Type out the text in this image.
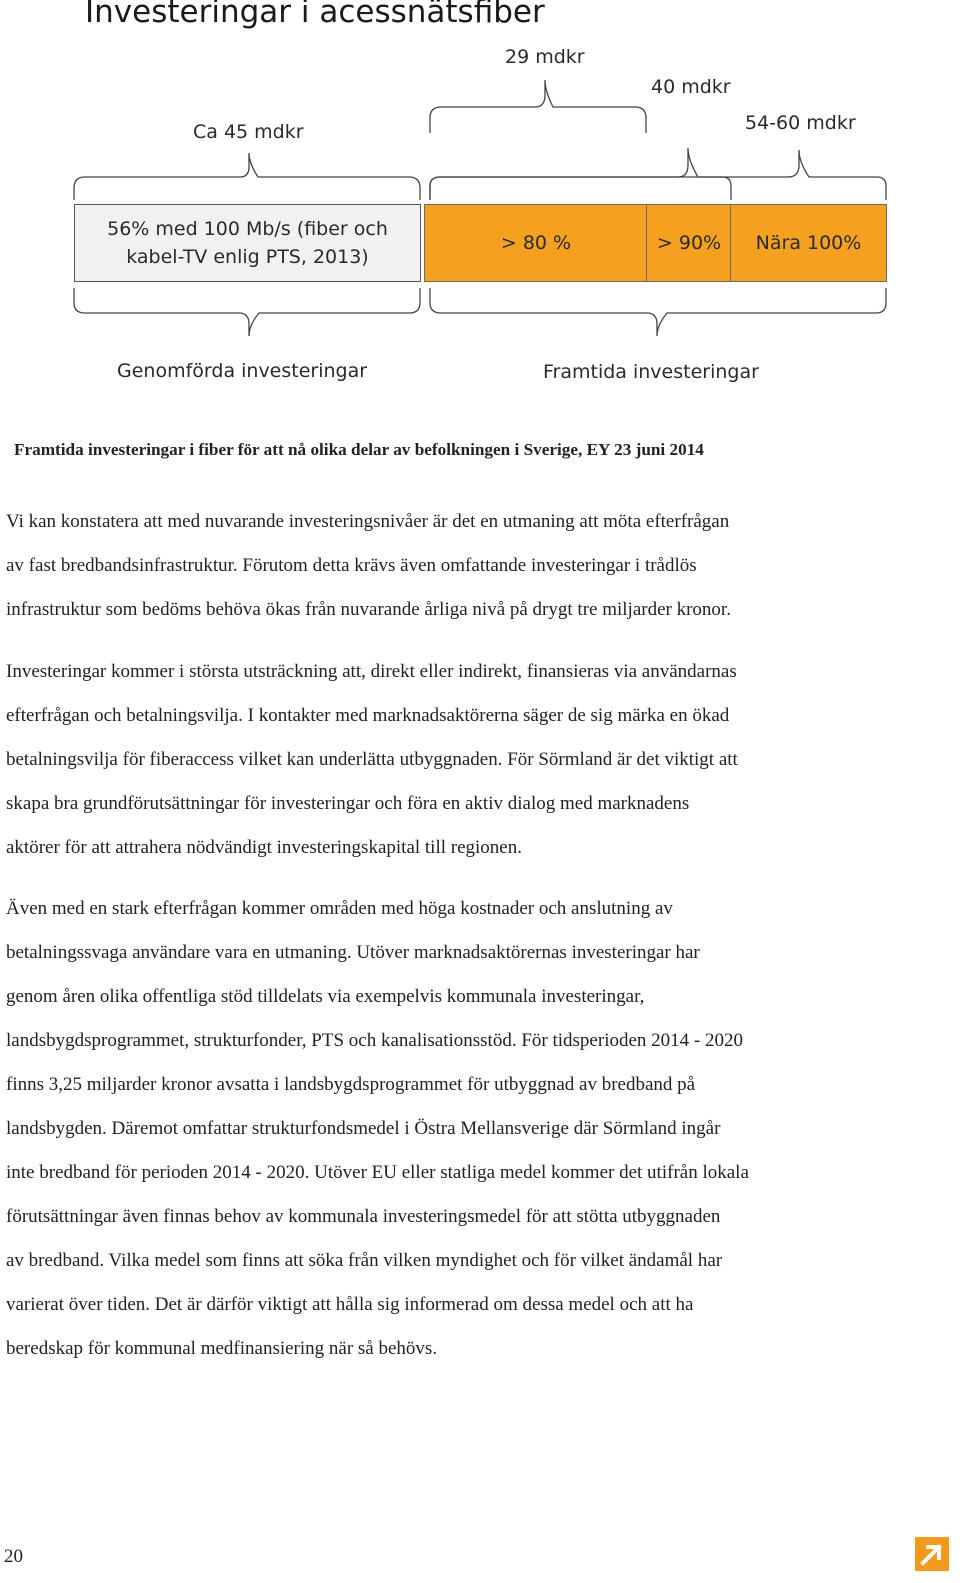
Investeringar i acessnätsfiber
29 mdkr
40 mdkr
Ca 45 mdkr	54-60 mdkr
56% med 100 Mb/s (fiber och
kabel-TV enlig PTS, 2013)
> 80 %	> 90% Nära 100%
Genomförda investeringar	Framtida investeringar
Framtida investeringar i fiber för att nå olika delar av befolkningen i Sverige, EY 23 juni 2014
Vi kan konstatera att med nuvarande investeringsnivåer är det en utmaning att möta efterfrågan
av fast bredbandsinfrastruktur. Förutom detta krävs även omfattande investeringar i trådlös
infrastruktur som bedöms behöva ökas från nuvarande årliga nivå på drygt tre miljarder kronor.
Investeringar kommer i största utsträckning att, direkt eller indirekt, finansieras via användarnas
efterfrågan och betalningsvilja. I kontakter med marknadsaktörerna säger de sig märka en ökad
betalningsvilja för fiberaccess vilket kan underlätta utbyggnaden. För Sörmland är det viktigt att
skapa bra grundförutsättningar för investeringar och föra en aktiv dialog med marknadens
aktörer för att attrahera nödvändigt investeringskapital till regionen.
Även med en stark efterfrågan kommer områden med höga kostnader och anslutning av
betalningssvaga användare vara en utmaning. Utöver marknadsaktörernas investeringar har
genom åren olika offentliga stöd tilldelats via exempelvis kommunala investeringar,
landsbygdsprogrammet, strukturfonder, PTS och kanalisationsstöd. För tidsperioden 2014 - 2020
finns 3,25 miljarder kronor avsatta i landsbygdsprogrammet för utbyggnad av bredband på
landsbygden. Däremot omfattar strukturfondsmedel i Östra Mellansverige där Sörmland ingår
inte bredband för perioden 2014 - 2020. Utöver EU eller statliga medel kommer det utifrån lokala
förutsättningar även finnas behov av kommunala investeringsmedel för att stötta utbyggnaden
av bredband. Vilka medel som finns att söka från vilken myndighet och för vilket ändamål har
varierat över tiden. Det är därför viktigt att hålla sig informerad om dessa medel och att ha
beredskap för kommunal medfinansiering när så behövs.
20
